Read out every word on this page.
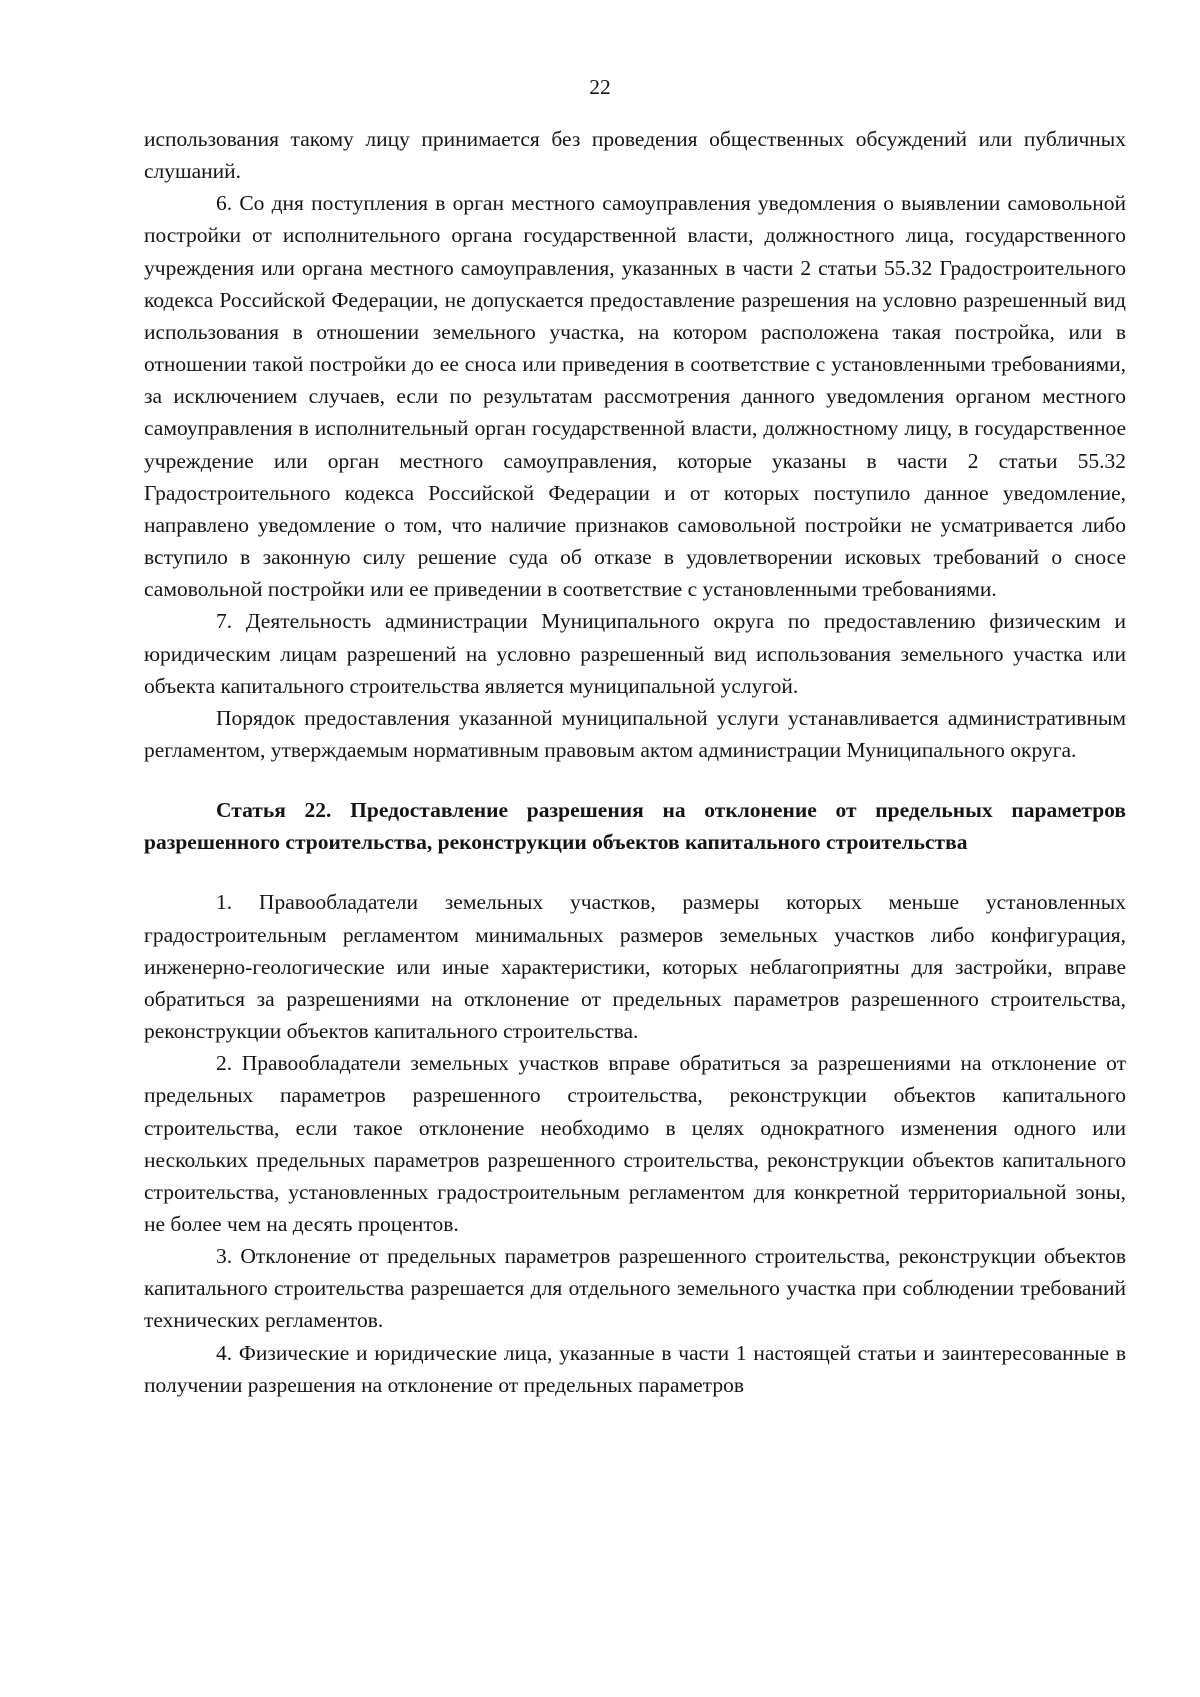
22

использования такому лицу принимается без проведения общественных обсуждений или публичных слушаний.

6. Со дня поступления в орган местного самоуправления уведомления о выявлении самовольной постройки от исполнительного органа государственной власти, должностного лица, государственного учреждения или органа местного самоуправления, указанных в части 2 статьи 55.32 Градостроительного кодекса Российской Федерации, не допускается предоставление разрешения на условно разрешенный вид использования в отношении земельного участка, на котором расположена такая постройка, или в отношении такой постройки до ее сноса или приведения в соответствие с установленными требованиями, за исключением случаев, если по результатам рассмотрения данного уведомления органом местного самоуправления в исполнительный орган государственной власти, должностному лицу, в государственное учреждение или орган местного самоуправления, которые указаны в части 2 статьи 55.32 Градостроительного кодекса Российской Федерации и от которых поступило данное уведомление, направлено уведомление о том, что наличие признаков самовольной постройки не усматривается либо вступило в законную силу решение суда об отказе в удовлетворении исковых требований о сносе самовольной постройки или ее приведении в соответствие с установленными требованиями.

7. Деятельность администрации Муниципального округа по предоставлению физическим и юридическим лицам разрешений на условно разрешенный вид использования земельного участка или объекта капитального строительства является муниципальной услугой.

Порядок предоставления указанной муниципальной услуги устанавливается административным регламентом, утверждаемым нормативным правовым актом администрации Муниципального округа.

Статья 22. Предоставление разрешения на отклонение от предельных параметров разрешенного строительства, реконструкции объектов капитального строительства

1. Правообладатели земельных участков, размеры которых меньше установленных градостроительным регламентом минимальных размеров земельных участков либо конфигурация, инженерно-геологические или иные характеристики, которых неблагоприятны для застройки, вправе обратиться за разрешениями на отклонение от предельных параметров разрешенного строительства, реконструкции объектов капитального строительства.

2. Правообладатели земельных участков вправе обратиться за разрешениями на отклонение от предельных параметров разрешенного строительства, реконструкции объектов капитального строительства, если такое отклонение необходимо в целях однократного изменения одного или нескольких предельных параметров разрешенного строительства, реконструкции объектов капитального строительства, установленных градостроительным регламентом для конкретной территориальной зоны, не более чем на десять процентов.

3. Отклонение от предельных параметров разрешенного строительства, реконструкции объектов капитального строительства разрешается для отдельного земельного участка при соблюдении требований технических регламентов.

4. Физические и юридические лица, указанные в части 1 настоящей статьи и заинтересованные в получении разрешения на отклонение от предельных параметров
